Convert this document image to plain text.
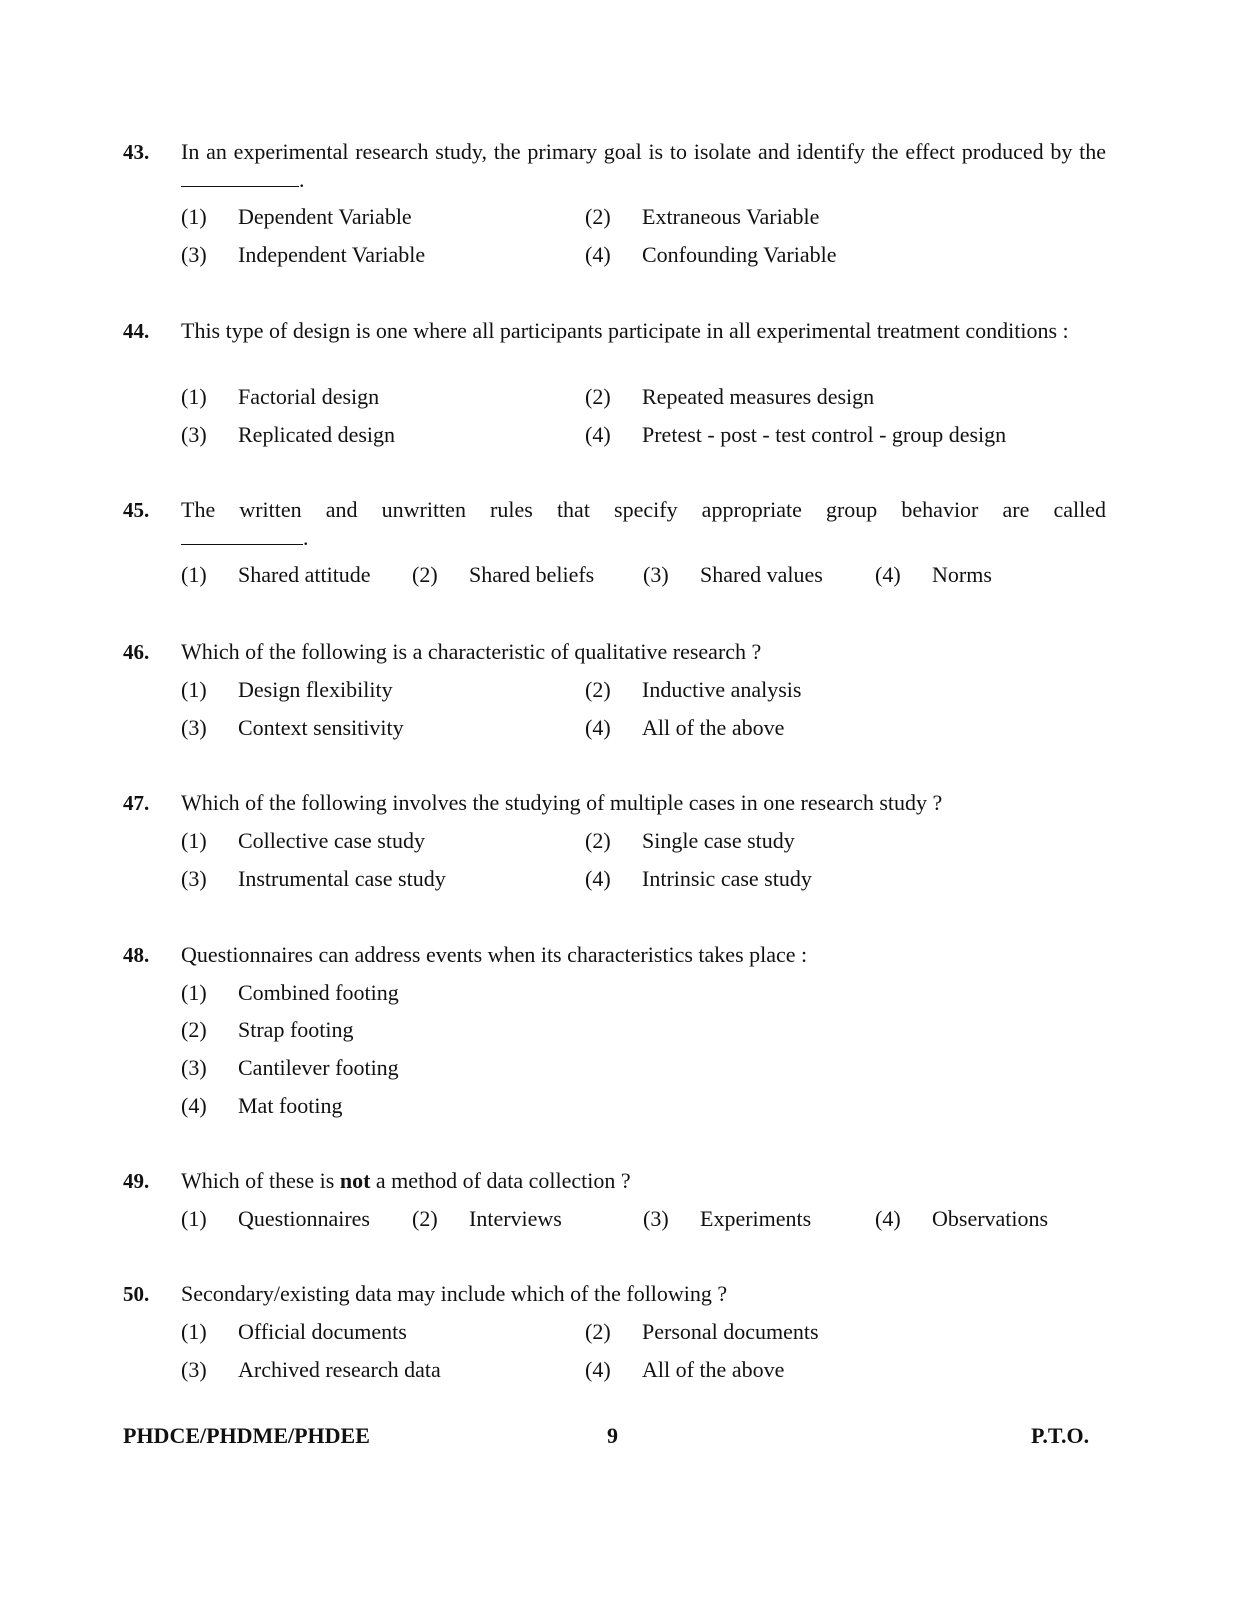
43. In an experimental research study, the primary goal is to isolate and identify the effect produced by the .
(1) Dependent Variable	(2) Extraneous Variable
(3) Independent Variable	(4) Confounding Variable
44. This type of design is one where all participants participate in all experimental treatment conditions :
(1) Factorial design	(2) Repeated measures design
(3) Replicated design	(4) Pretest - post - test control - group design
45. The written and unwritten rules that specify appropriate group behavior are called
.
(1) Shared attitude (2) Shared beliefs (3) Shared values (4) Norms
46. Which of the following is a characteristic of qualitative research ?
(1) Design flexibility	(2) Inductive analysis
(3) Context sensitivity	(4) All of the above
47. Which of the following involves the studying of multiple cases in one research study ?
(1) Collective case study	(2) Single case study
(3) Instrumental case study	(4) Intrinsic case study
48. Questionnaires can address events when its characteristics takes place :
(1) Combined footing
(2) Strap footing
(3) Cantilever footing
(4) Mat footing
49. Which of these is not a method of data collection ?
(1) Questionnaires (2) Interviews	(3) Experiments	(4) Observations
50. Secondary/existing data may include which of the following ?
(1) Official documents	(2) Personal documents
(3) Archived research data	(4) All of the above
PHDCE/PHDME/PHDEE	9	P.T.O.
